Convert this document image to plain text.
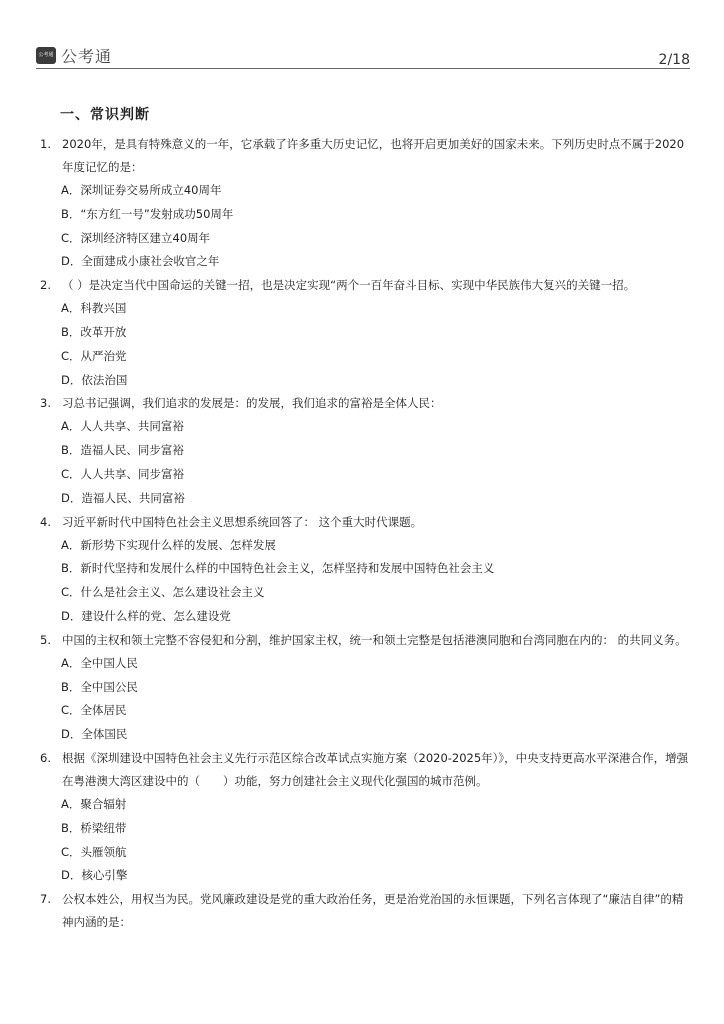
公考通 公考通	2/18
一、常识判断
1. 2020年，是具有特殊意义的一年，它承载了许多重大历史记忆，也将开启更加美好的国家未来。下列历史时点不属于2020年度记忆的是：
A．深圳证券交易所成立40周年
B．“东方红一号”发射成功50周年
C．深圳经济特区建立40周年
D．全面建成小康社会收官之年
2. （ ）是决定当代中国命运的关键一招，也是决定实现“两个一百年奋斗目标、实现中华民族伟大复兴的关键一招。
A．科教兴国
B．改革开放
C．从严治党
D．依法治国
3. 习总书记强调，我们追求的发展是：的发展，我们追求的富裕是全体人民：
A．人人共享、共同富裕
B．造福人民、同步富裕
C．人人共享、同步富裕
D．造福人民、共同富裕
4. 习近平新时代中国特色社会主义思想系统回答了： 这个重大时代课题。
A．新形势下实现什么样的发展、怎样发展
B．新时代坚持和发展什么样的中国特色社会主义，怎样坚持和发展中国特色社会主义
C．什么是社会主义、怎么建设社会主义
D．建设什么样的党、怎么建设党
5. 中国的主权和领土完整不容侵犯和分割，维护国家主权，统一和领土完整是包括港澳同胞和台湾同胞在内的： 的共同义务。
A．全中国人民
B．全中国公民
C．全体居民
D．全体国民
6. 根据《深圳建设中国特色社会主义先行示范区综合改革试点实施方案（2020-2025年）》，中央支持更高水平深港合作，增强在粤港澳大湾区建设中的（　　）功能，努力创建社会主义现代化强国的城市范例。
A．聚合辐射
B．桥梁纽带
C．头雁领航
D．核心引擎
7. 公权本姓公，用权当为民。党风廉政建设是党的重大政治任务，更是治党治国的永恒课题，下列名言体现了“廉洁自律”的精神内涵的是：
